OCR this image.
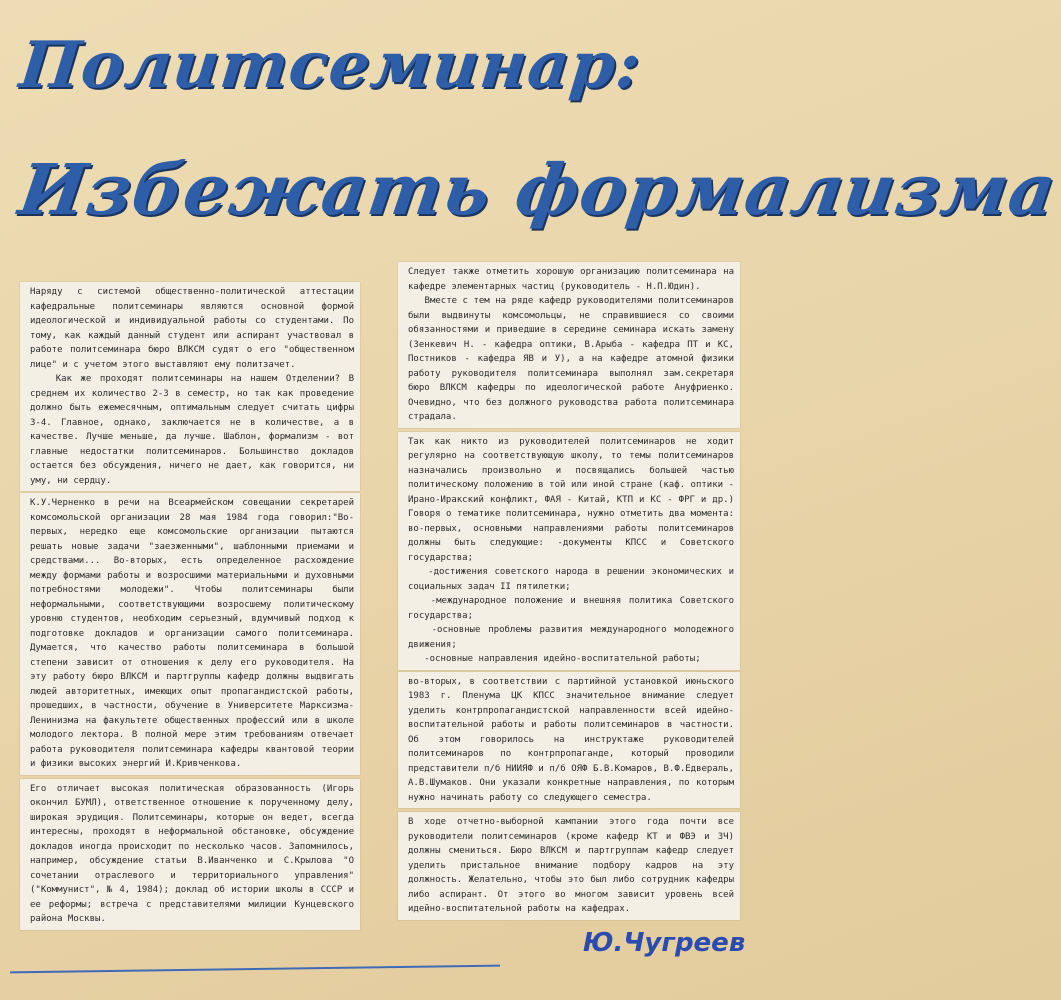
Политсеминар:
Избежать формализма

Наряду с системой общественно-политической аттестации кафедральные политсеминары являются основной формой идеологической и индивидуальной работы со студентами. По тому, как каждый данный студент или аспирант участвовал в работе политсеминара бюро ВЛКСМ судят о его "общественном лице" и с учетом этого выставляют ему политзачет.
Как же проходят политсеминары на нашем Отделении? В среднем их количество 2-3 в семестр, но так как проведение должно быть ежемесячным, оптимальным следует считать цифры 3-4. Главное, однако, заключается не в количестве, а в качестве. Лучше меньше, да лучше. Шаблон, формализм - вот главные недостатки политсеминаров. Большинство докладов остается без обсуждения, ничего не дает, как говорится, ни уму, ни сердцу.

К.У.Черненко в речи на Всеармейском совещании секретарей комсомольской организации 28 мая 1984 года говорил:"Во-первых, нередко еще комсомольские организации пытаются решать новые задачи "заезженными", шаблонными приемами и средствами... Во-вторых, есть определенное расхождение между формами работы и возросшими материальными и духовными потребностями молодежи". Чтобы политсеминары были неформальными, соответствующими возросшему политическому уровню студентов, необходим серьезный, вдумчивый подход к подготовке докладов и организации самого политсеминара. Думается, что качество работы политсеминара в большой степени зависит от отношения к делу его руководителя. На эту работу бюро ВЛКСМ и партгруппы кафедр должны выдвигать людей авторитетных, имеющих опыт пропагандистской работы, прошедших, в частности, обучение в Университете Марксизма-Ленинизма на факультете общественных профессий или в школе молодого лектора. В полной мере этим требованиям отвечает работа руководителя политсеминара кафедры квантовой теории и физики высоких энергий И.Кривченкова.

Его отличает высокая политическая образованность (Игорь окончил БУМЛ), ответственное отношение к порученному делу, широкая эрудиция. Политсеминары, которые он ведет, всегда интересны, проходят в неформальной обстановке, обсуждение докладов иногда происходит по несколько часов. Запомнилось, например, обсуждение статьи В.Иванченко и С.Крылова "О сочетании отраслевого и территориального управления" ("Коммунист", № 4, 1984); доклад об истории школы в СССР и ее реформы; встреча с представителями милиции Кунцевского района Москвы.

Следует также отметить хорошую организацию политсеминара на кафедре элементарных частиц (руководитель - Н.П.Юдин).
Вместе с тем на ряде кафедр руководителями политсеминаров были выдвинуты комсомольцы, не справившиеся со своими обязанностями и приведшие в середине семинара искать замену (Зенкевич Н. - кафедра оптики, В.Арыба - кафедра ПТ и КС, Постников - кафедра ЯВ и У), а на кафедре атомной физики работу руководителя политсеминара выполнял зам.секретаря бюро ВЛКСМ кафедры по идеологической работе Ануфриенко. Очевидно, что без должного руководства работа политсеминара страдала.

Так как никто из руководителей политсеминаров не ходит регулярно на соответствующую школу, то темы политсеминаров назначались произвольно и посвящались большей частью политическому положению в той или иной стране (каф. оптики - Ирано-Иракский конфликт, ФАЯ - Китай, КТП и КС - ФРГ и др.) Говоря о тематике политсеминара, нужно отметить два момента: во-первых, основными направлениями работы политсеминаров должны быть следующие: -документы КПСС и Советского государства;
-достижения советского народа в решении экономических и социальных задач II пятилетки;
-международное положение и внешняя политика Советского государства;
-основные проблемы развития международного молодежного движения;
-основные направления идейно-воспитательной работы;

во-вторых, в соответствии с партийной установкой июньского 1983 г. Пленума ЦК КПСС значительное внимание следует уделить контрпропагандистской направленности всей идейно-воспитательной работы и работы политсеминаров в частности. Об этом говорилось на инструктаже руководителей политсеминаров по контрпропаганде, который проводили представители п/б НИИЯФ и п/б ОЯФ Б.В.Комаров, В.Ф.Едвераль, А.В.Шумаков. Они указали конкретные направления, по которым нужно начинать работу со следующего семестра.

В ходе отчетно-выборной кампании этого года почти все руководители политсеминаров (кроме кафедр КТ и ФВЭ и ЗЧ) должны смениться. Бюро ВЛКСМ и партгруппам кафедр следует уделить пристальное внимание подбору кадров на эту должность. Желательно, чтобы это был либо сотрудник кафедры либо аспирант. От этого во многом зависит уровень всей идейно-воспитательной работы на кафедрах.

Ю.Чугреев
